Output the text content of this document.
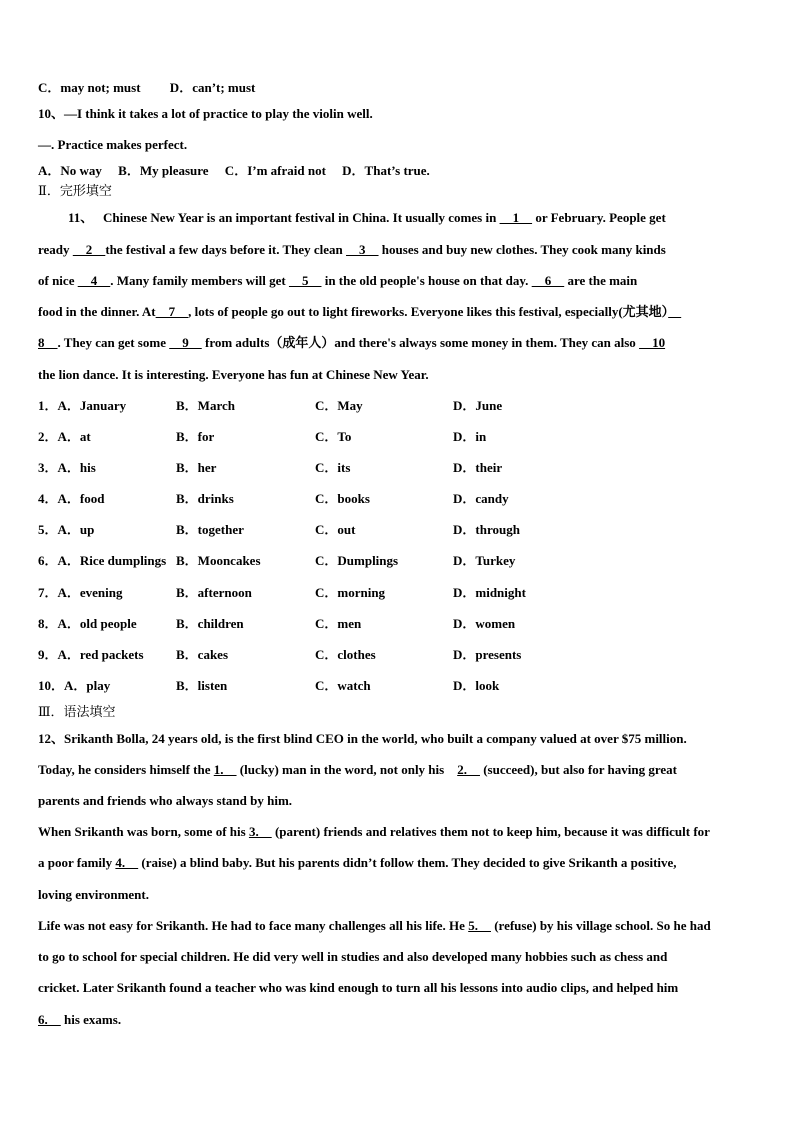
C．may not; must　　 D．can’t; must
10、—I think it takes a lot of practice to play the violin well.
—. Practice makes perfect.
A．No way　 B．My pleasure　 C．I’m afraid not　 D．That’s true.
Ⅱ．完形填空
11、　 Chinese New Year is an important festival in China. It usually comes in 　1　 or February. People get
ready 　2　the festival a few days before it. They clean 　3　 houses and buy new clothes. They cook many kinds
of nice 　4　. Many family members will get 　5　 in the old people's house on that day. 　6　 are the main
food in the dinner. At　7　, lots of people go out to light fireworks. Everyone likes this festival, especially(尤其地）　
8　. They can get some 　9　 from adults（成年人）and there's always some money in them. They can also 　10
the lion dance. It is interesting. Everyone has fun at Chinese New Year.
1．A．January	B．March	C．May	D．June
2．A．at	B．for	C．To	D．in
3．A．his	B．her	C．its	D．their
4．A．food	B．drinks	C．books	D．candy
5．A．up	B．together	C．out	D．through
6．A．Rice dumplings B．Mooncakes	C．Dumplings	D．Turkey
7．A．evening	B．afternoon	C．morning	D．midnight
8．A．old people	B．children	C．men	D．women
9．A．red packets B．cakes	C．clothes	D．presents
10．A．play	B．listen	C．watch	D．look
Ⅲ．语法填空
12、Srikanth Bolla, 24 years old, is the first blind CEO in the world, who built a company valued at over $75 million.
Today, he considers himself the 1.　 (lucky) man in the word, not only his　2.　 (succeed), but also for having great
parents and friends who always stand by him.
When Srikanth was born, some of his 3.　 (parent) friends and relatives them not to keep him, because it was difficult for
a poor family 4.　 (raise) a blind baby. But his parents didn’t follow them. They decided to give Srikanth a positive,
loving environment.
Life was not easy for Srikanth. He had to face many challenges all his life. He 5.　 (refuse) by his village school. So he had
to go to school for special children. He did very well in studies and also developed many hobbies such as chess and
cricket. Later Srikanth found a teacher who was kind enough to turn all his lessons into audio clips, and helped him
6.　 his exams.
